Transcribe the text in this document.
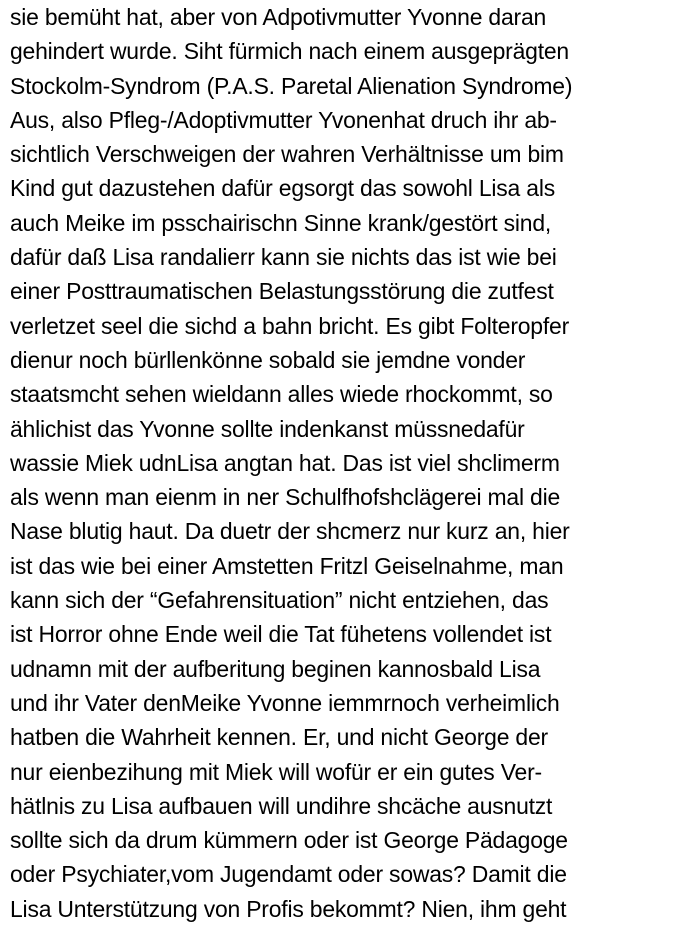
sie bemüht hat, aber von Adpotivmutter Yvonne daran

gehindert wurde. Siht fürmich nach einem ausgeprägten

Stockolm-Syndrom (P.A.S. Paretal Alienation Syndrome)

Aus, also Pfleg-/Adoptivmutter Yvonenhat druch ihr ab-

sichtlich Verschweigen der wahren Verhältnisse um bim

Kind gut dazustehen dafür egsorgt das sowohl Lisa als

auch Meike im psschairischn Sinne krank/gestört sind,

dafür daß Lisa randalierr kann sie nichts das ist wie bei

einer Posttraumatischen Belastungsstörung die zutfest

verletzet seel die sichd a bahn bricht. Es gibt Folteropfer

dienur noch bürllenkönne sobald sie jemdne vonder

staatsmcht sehen wieldann alles wiede rhockommt, so

ählichist das Yvonne sollte indenkanst müssnedafür

wassie Miek udnLisa angtan hat. Das ist viel shclimerm

als wenn man eienm in ner Schulfhofshclägerei mal die

Nase blutig haut. Da duetr der shcmerz nur kurz an, hier

ist das wie bei einer Amstetten Fritzl Geiselnahme, man

kann sich der “Gefahrensituation” nicht entziehen, das

ist Horror ohne Ende weil die Tat fühetens vollendet ist

udnamn mit der aufberitung beginen kannosbald Lisa

und ihr Vater denMeike Yvonne iemmrnoch verheimlich

hatben die Wahrheit kennen. Er, und nicht George der

nur eienbezihung mit Miek will wofür er ein gutes Ver-

hätlnis zu Lisa aufbauen will undihre shcäche ausnutzt

sollte sich da drum kümmern oder ist George Pädagoge

oder Psychiater,vom Jugendamt oder sowas? Damit die

Lisa Unterstützung von Profis bekommt? Nien, ihm geht
